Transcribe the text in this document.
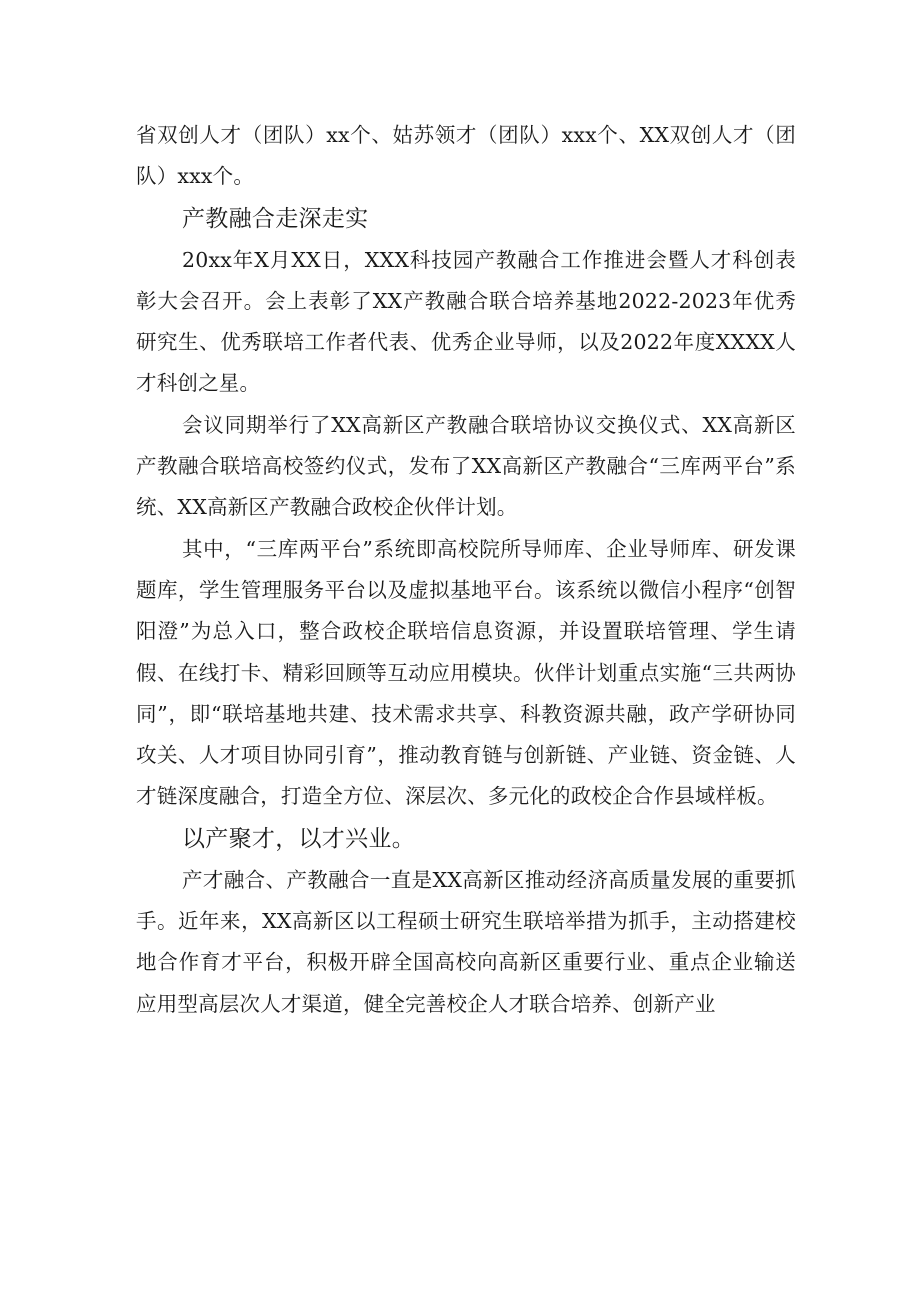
省双创人才（团队）xx个、姑苏领才（团队）xxx个、XX双创人才（团队）xxx个。

产教融合走深走实

20xx年X月XX日，XXX科技园产教融合工作推进会暨人才科创表彰大会召开。会上表彰了XX产教融合联合培养基地2022-2023年优秀研究生、优秀联培工作者代表、优秀企业导师，以及2022年度XXXX人才科创之星。

会议同期举行了XX高新区产教融合联培协议交换仪式、XX高新区产教融合联培高校签约仪式，发布了XX高新区产教融合“三库两平台”系统、XX高新区产教融合政校企伙伴计划。

其中，“三库两平台”系统即高校院所导师库、企业导师库、研发课题库，学生管理服务平台以及虚拟基地平台。该系统以微信小程序“创智阳澄”为总入口，整合政校企联培信息资源，并设置联培管理、学生请假、在线打卡、精彩回顾等互动应用模块。伙伴计划重点实施“三共两协同”，即“联培基地共建、技术需求共享、科教资源共融，政产学研协同攻关、人才项目协同引育”，推动教育链与创新链、产业链、资金链、人才链深度融合，打造全方位、深层次、多元化的政校企合作县域样板。

以产聚才，以才兴业。

产才融合、产教融合一直是XX高新区推动经济高质量发展的重要抓手。近年来，XX高新区以工程硕士研究生联培举措为抓手，主动搭建校地合作育才平台，积极开辟全国高校向高新区重要行业、重点企业输送应用型高层次人才渠道，健全完善校企人才联合培养、创新产业
